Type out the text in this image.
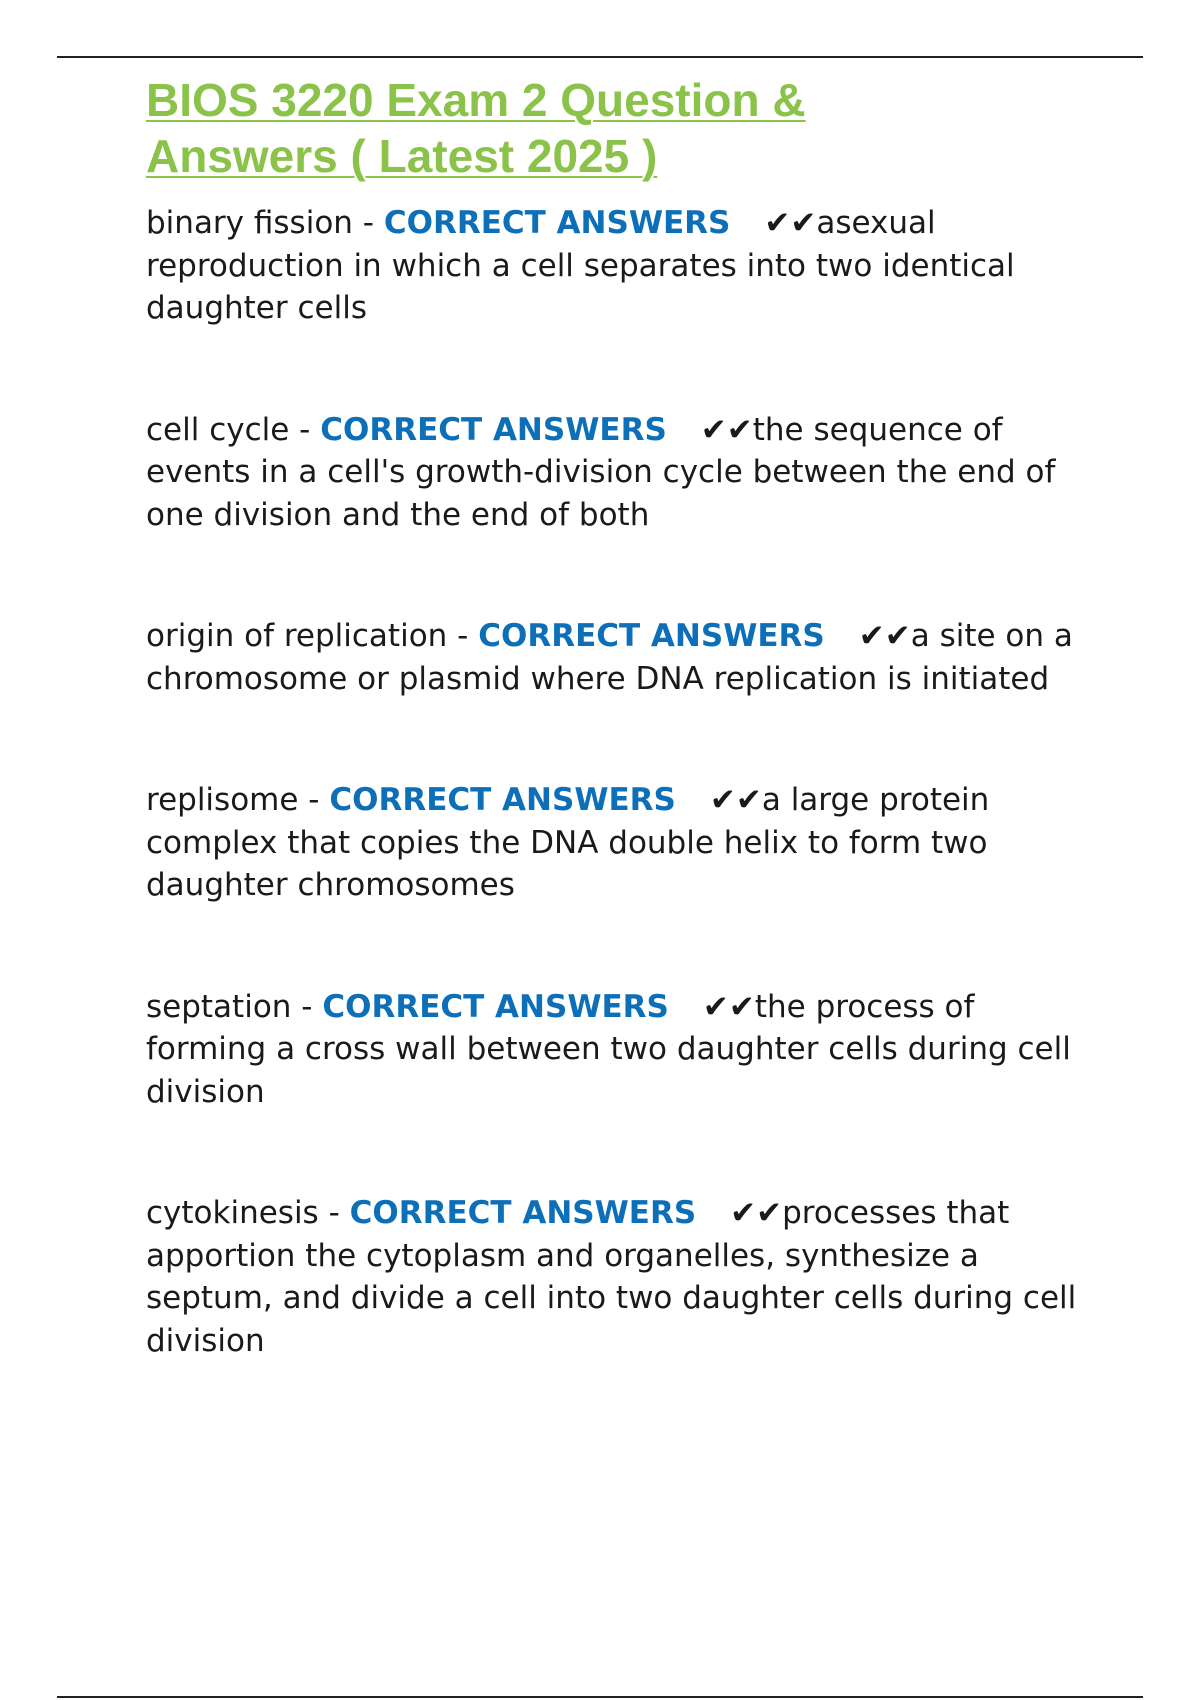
BIOS 3220 Exam 2 Question & Answers ( Latest 2025 )

binary fission - CORRECT ANSWERS ✔✔asexual reproduction in which a cell separates into two identical daughter cells

cell cycle - CORRECT ANSWERS ✔✔the sequence of events in a cell's growth-division cycle between the end of one division and the end of both

origin of replication - CORRECT ANSWERS ✔✔a site on a chromosome or plasmid where DNA replication is initiated

replisome - CORRECT ANSWERS ✔✔a large protein complex that copies the DNA double helix to form two daughter chromosomes

septation - CORRECT ANSWERS ✔✔the process of forming a cross wall between two daughter cells during cell division

cytokinesis - CORRECT ANSWERS ✔✔processes that apportion the cytoplasm and organelles, synthesize a septum, and divide a cell into two daughter cells during cell division
